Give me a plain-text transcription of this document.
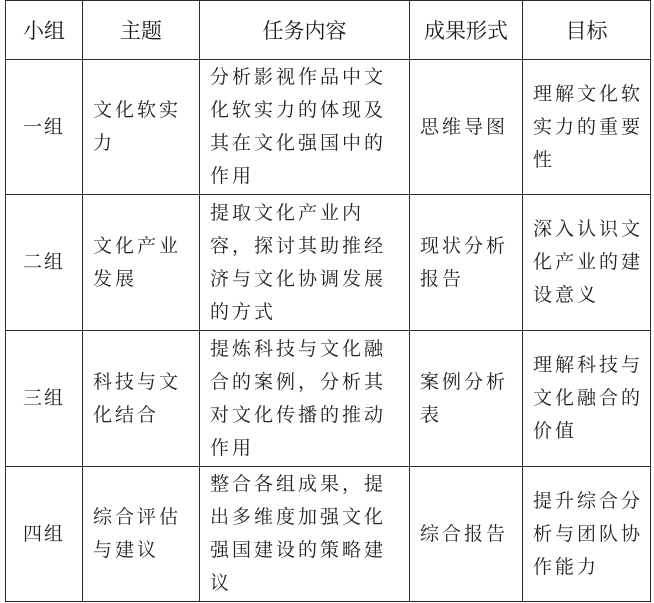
小组	主题	任务内容	成果形式	目标
一组	文化软实力	分析影视作品中文化软实力的体现及其在文化强国中的作用	思维导图	理解文化软实力的重要性

二组	文化产业发展	提取文化产业内容，探讨其助推经济与文化协调发展的方式	现状分析报告	深入认识文化产业的建设意义

三组	科技与文化结合	提炼科技与文化融合的案例，分析其对文化传播的推动作用	案例分析表	理解科技与文化融合的价值

四组	综合评估与建议	整合各组成果，提出多维度加强文化强国建设的策略建议	综合报告	提升综合分析与团队协作能力
